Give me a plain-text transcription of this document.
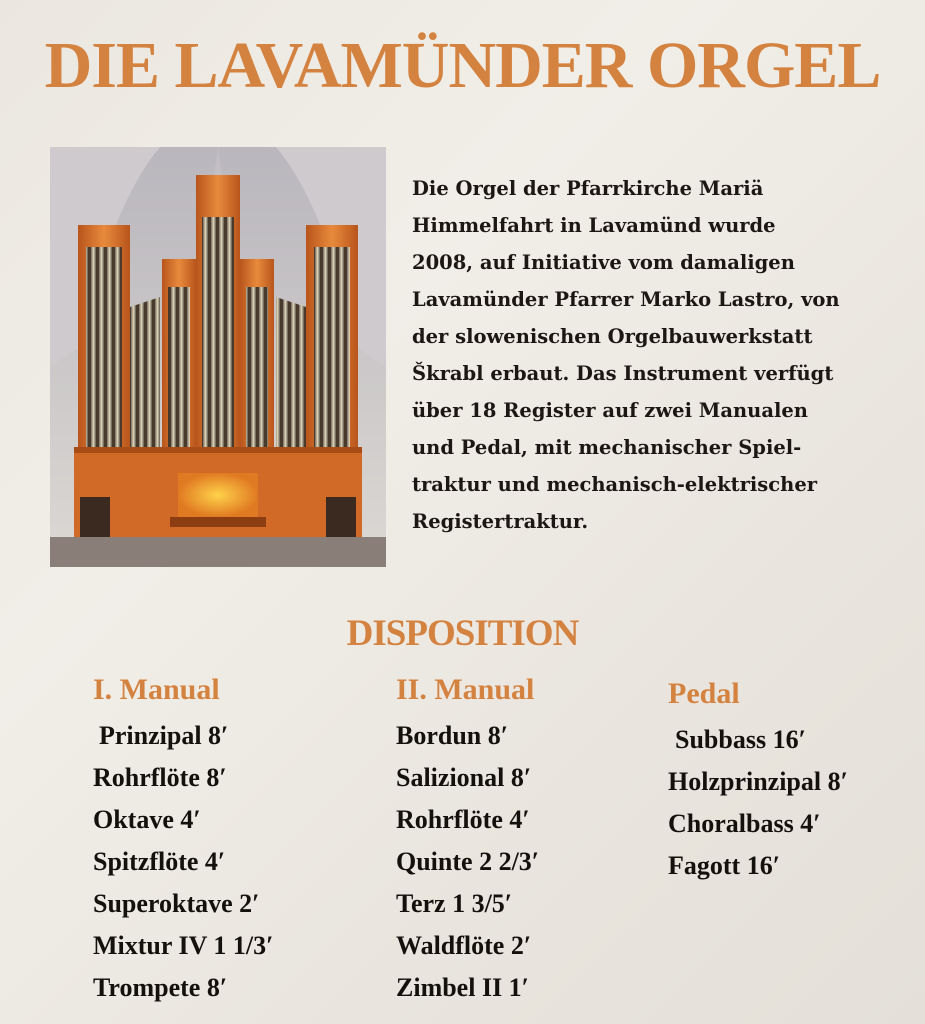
DIE LAVAMÜNDER ORGEL

Die Orgel der Pfarrkirche Mariä
Himmelfahrt in Lavamünd wurde
2008, auf Initiative vom damaligen
Lavamünder Pfarrer Marko Lastro, von
der slowenischen Orgelbauwerkstatt
Škrabl erbaut. Das Instrument verfügt
über 18 Register auf zwei Manualen
und Pedal, mit mechanischer Spiel-
traktur und mechanisch-elektrischer
Registertraktur.

DISPOSITION
I. Manual
Prinzipal 8′
Rohrflöte 8′
Oktave 4′
Spitzflöte 4′
Superoktave 2′
Mixtur IV 1 1/3′
Trompete 8′
II. Manual
Bordun 8′
Salizional 8′
Rohrflöte 4′
Quinte 2 2/3′
Terz 1 3/5′
Waldflöte 2′
Zimbel II 1′
Pedal
Subbass 16′
Holzprinzipal 8′
Choralbass 4′
Fagott 16′
